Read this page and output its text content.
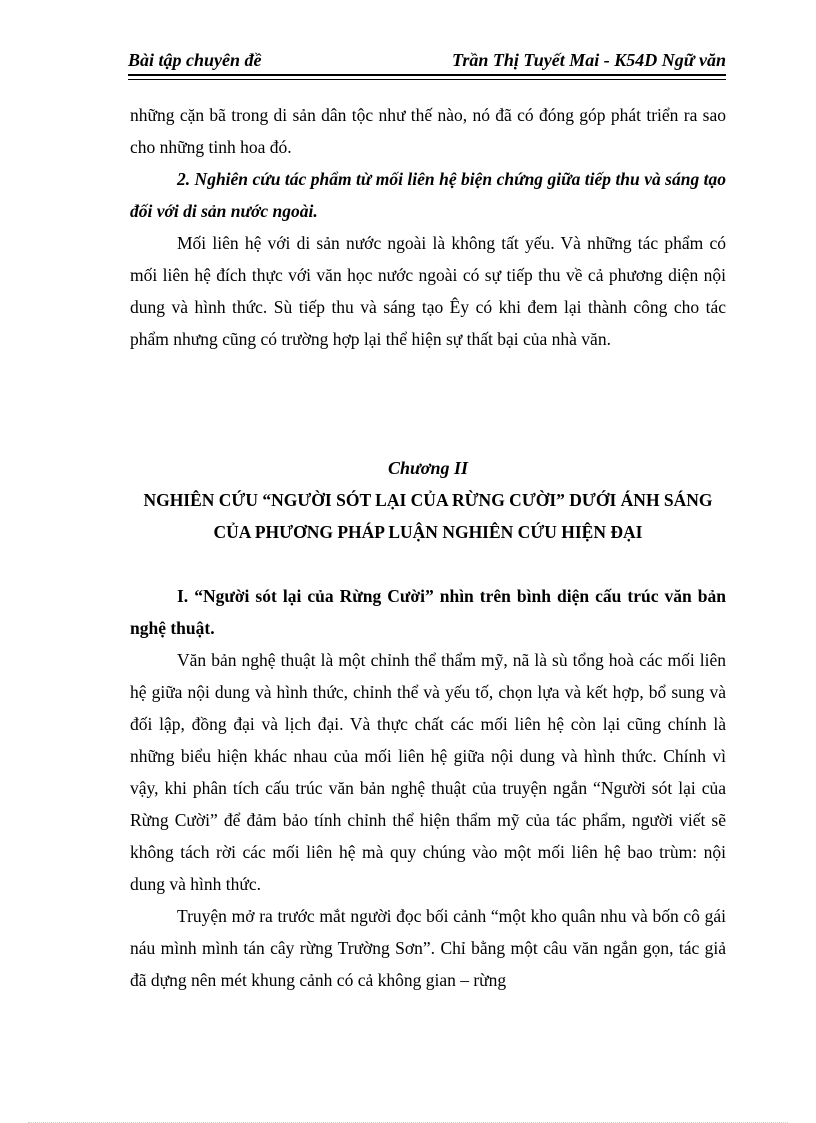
Bài tập chuyên đề	Trần Thị Tuyết Mai - K54D Ngữ văn

những cặn bã trong di sản dân tộc như thế nào, nó đã có đóng góp phát triển ra sao cho những tinh hoa đó.

2. Nghiên cứu tác phẩm từ mối liên hệ biện chứng giữa tiếp thu và sáng tạo đối với di sản nước ngoài.

Mối liên hệ với di sản nước ngoài là không tất yếu. Và những tác phẩm có mối liên hệ đích thực với văn học nước ngoài có sự tiếp thu về cả phương diện nội dung và hình thức. Sù tiếp thu và sáng tạo Êy có khi đem lại thành công cho tác phẩm nhưng cũng có trường hợp lại thể hiện sự thất bại của nhà văn.

Chương II
NGHIÊN CỨU “NGƯỜI SÓT LẠI CỦA RỪNG CƯỜI” DƯỚI ÁNH SÁNG CỦA PHƯƠNG PHÁP LUẬN NGHIÊN CỨU HIỆN ĐẠI

I. “Người sót lại của Rừng Cười” nhìn trên bình diện cấu trúc văn bản nghệ thuật.

Văn bản nghệ thuật là một chỉnh thể thẩm mỹ, nã là sù tổng hoà các mối liên hệ giữa nội dung và hình thức, chỉnh thể và yếu tố, chọn lựa và kết hợp, bổ sung và đối lập, đồng đại và lịch đại. Và thực chất các mối liên hệ còn lại cũng chính là những biểu hiện khác nhau của mối liên hệ giữa nội dung và hình thức. Chính vì vậy, khi phân tích cấu trúc văn bản nghệ thuật của truyện ngắn “Người sót lại của Rừng Cười” để đảm bảo tính chỉnh thể hiện thẩm mỹ của tác phẩm, người viết sẽ không tách rời các mối liên hệ mà quy chúng vào một mối liên hệ bao trùm: nội dung và hình thức.

Truyện mở ra trước mắt người đọc bối cảnh “một kho quân nhu và bốn cô gái náu mình mình tán cây rừng Trường Sơn”. Chỉ bằng một câu văn ngắn gọn, tác giả đã dựng nên mét khung cảnh có cả không gian – rừng
